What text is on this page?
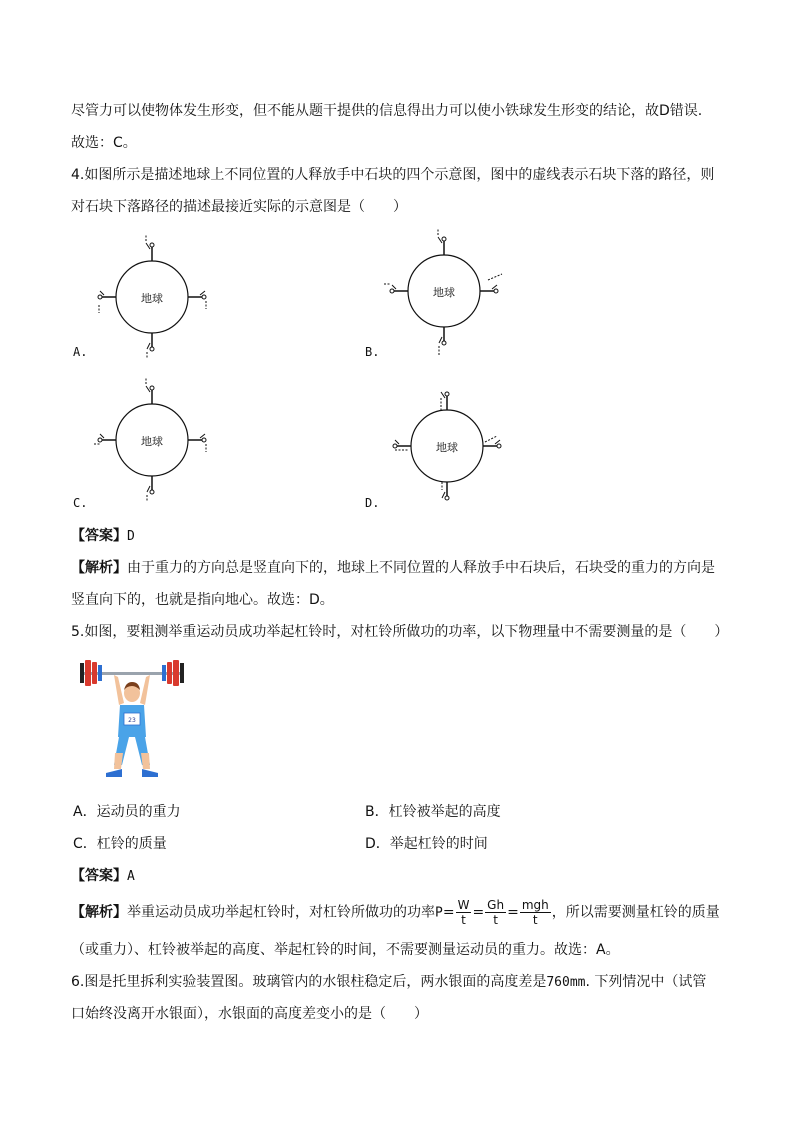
尽管力可以使物体发生形变，但不能从题干提供的信息得出力可以使小铁球发生形变的结论，故D错误.
故选：C。
4.如图所示是描述地球上不同位置的人释放手中石块的四个示意图，图中的虚线表示石块下落的路径，则
对石块下落路径的描述最接近实际的示意图是（　　）
地球
A.
地球
B.
地球
C.
地球
D.
【答案】D
【解析】由于重力的方向总是竖直向下的，地球上不同位置的人释放手中石块后，石块受的重力的方向是
竖直向下的，也就是指向地心。故选：D。
5.如图，要粗测举重运动员成功举起杠铃时，对杠铃所做功的功率，以下物理量中不需要测量的是（　　）
23
A．运动员的重力	B．杠铃被举起的高度
C．杠铃的质量	D．举起杠铃的时间
【答案】A
【解析】举重运动员成功举起杠铃时，对杠铃所做功的功率$P= \frac{W}{t} = \frac{Gh}{t} = \frac{\text{mgh}}{t}$ ，所以需要测量杠铃的质量
（或重力）、杠铃被举起的高度、举起杠铃的时间，不需要测量运动员的重力。故选：A。
6.图是托里拆利实验装置图。玻璃管内的水银柱稳定后，两水银面的高度差是760mm. 下列情况中（试管
口始终没离开水银面），水银面的高度差变小的是（　　）
